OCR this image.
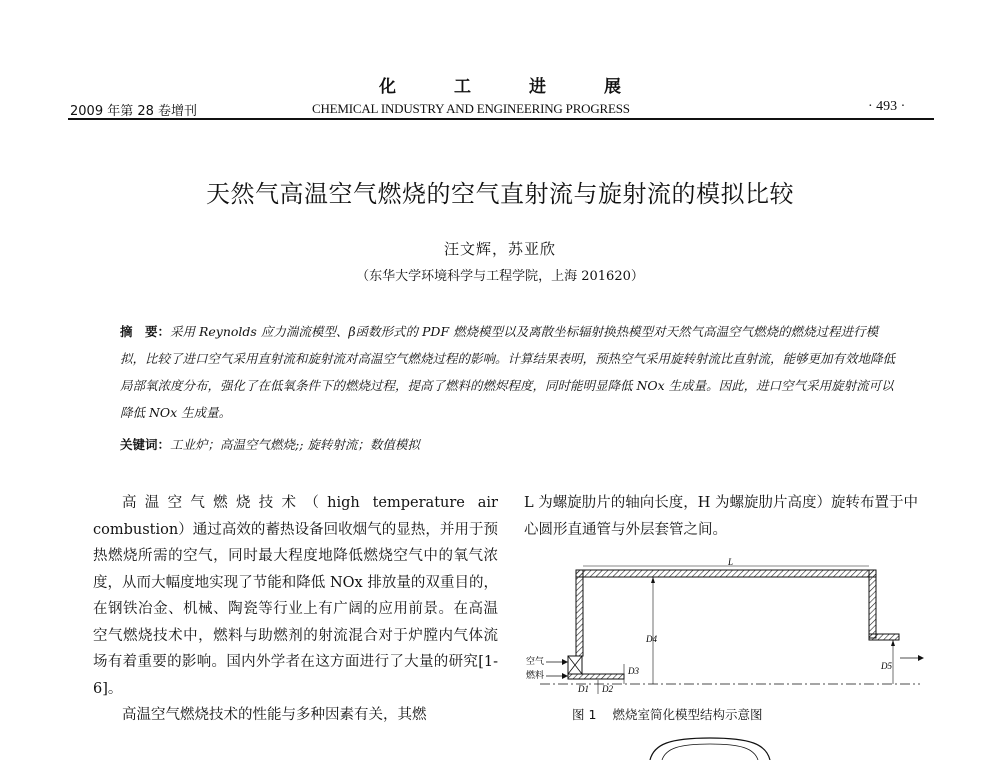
化工进展
2009 年第 28 卷增刊	CHEMICAL INDUSTRY AND ENGINEERING PROGRESS	· 493 ·
天然气高温空气燃烧的空气直射流与旋射流的模拟比较
汪文辉，苏亚欣
（东华大学环境科学与工程学院，上海 201620）
摘　要：采用 Reynolds 应力湍流模型、β函数形式的 PDF 燃烧模型以及离散坐标辐射换热模型对天然气高温空气燃烧的燃烧过程进行模拟，比较了进口空气采用直射流和旋射流对高温空气燃烧过程的影响。计算结果表明，预热空气采用旋转射流比直射流，能够更加有效地降低局部氧浓度分布，强化了在低氧条件下的燃烧过程，提高了燃料的燃烬程度，同时能明显降低 NOx 生成量。因此，进口空气采用旋射流可以降低 NOx 生成量。
关键词：工业炉；高温空气燃烧;; 旋转射流；数值模拟

高温空气燃烧技术（high temperature air combustion）通过高效的蓄热设备回收烟气的显热，并用于预热燃烧所需的空气，同时最大程度地降低燃烧空气中的氧气浓度，从而大幅度地实现了节能和降低 NOx 排放量的双重目的，在钢铁冶金、机械、陶瓷等行业上有广阔的应用前景。在高温空气燃烧技术中，燃料与助燃剂的射流混合对于炉膛内气体流场有着重要的影响。国内外学者在这方面进行了大量的研究[1-6]。

高温空气燃烧技术的性能与多种因素有关，其燃

L 为螺旋肋片的轴向长度，H 为螺旋肋片高度）旋转布置于中心圆形直通管与外层套管之间。

L
D4
D5
D3
空气
燃料
D1 D2
图 1 燃烧室简化模型结构示意图
